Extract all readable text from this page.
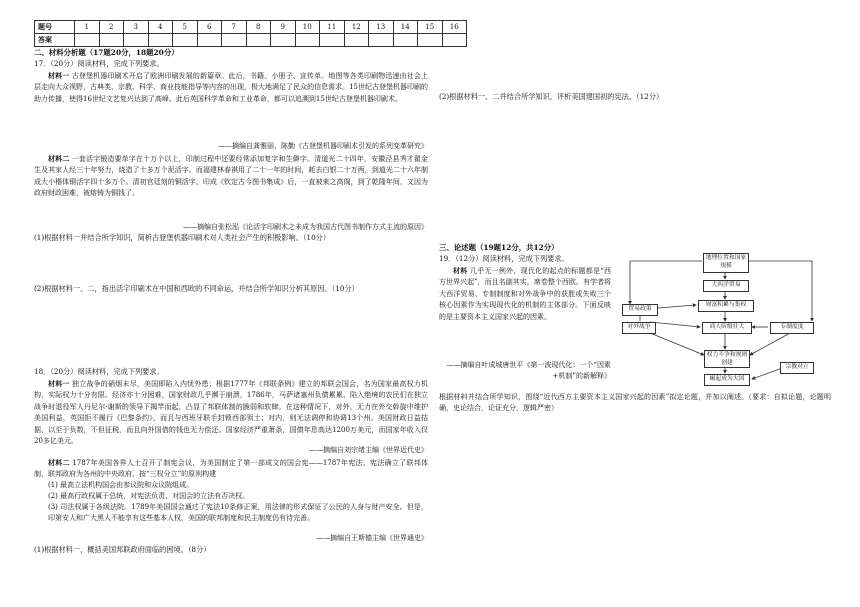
题号	1	2	3	4	5	6	7	8	9	10	11	12	13	14	15	16
答案																
二、材料分析题（17题20分，18题20分）
17．（20分）阅读材料，完成下列要求。
材料一 古登堡机器印刷术开启了欧洲印刷发展的新篇章。此后，书籍、小册子、宣传单、地图等各类印刷物迅速由社会上层走向大众视野，古典类、宗教、科学、商业技能指导等内容的出现，极大地满足了民众的信息需求。15世纪古登堡机器印刷的助力传播，使得16世纪文艺复兴达到了高峰。此后英国科学革命和工业革命，都可以追溯到15世纪古登堡机器印刷术。
——摘编自龚雅丽、陈勤《古登堡机器印刷术引发的系列变革研究》
材料二 一套活字锻造要单字在十万个以上，印制过程中还要经常添加复字和生僻字。清道光二十四年，安徽泾县秀才翟金生及其家人经三十年努力，烧造了十多万个泥活字。而福建林春祺用了二十一年的时间，耗去白银二十万两，到道光二十六年制成大小楷体铜活字四十多万个。清初官廷刻的铜活字，印成《钦定古今图书集成》后，一直被束之高阁，到了乾隆年间，又因为政府财政困难，被熔铸为铜钱了。
——摘编自张松泓《论活字印刷术之未成为我国古代图书制作方式主流的原因》
(1)根据材料一并结合所学知识，简析古登堡机器印刷术对人类社会产生的积极影响。（10分）
(2)根据材料一、二，指出活字印刷术在中国和西欧的不同命运，并结合所学知识分析其原因。（10分）
18．（20分）阅读材料，完成下列要求。
材料一 独立战争的硝烟未尽，美国即陷入内忧外患；根据1777年《邦联条例》建立的邦联会国会，名为国家最高权力机构，实际权力十分有限。经济亦十分困难，国家财政几乎濒于崩溃，1786年，马萨诸塞州负债累累、陷入绝境的农民们在独立战争时退役军人丹尼尔·谢斯的领导下揭竿而起，凸显了邦联体制的脆弱和软肆。在这种情况下，对外，无力在外交斡旋中维护美国利益，英国拒不履行《巴黎条约》，而且与西班牙联手封锁西部领土；对内，则无法调停和协调13个州。美国财政日益拮据，以至于负数，不但征税，而且向外国借的钱也无力偿还。国家经济严重萧条，国债年息高达1200万美元，而国家年收入仅20多亿美元。
——摘编自刘宗绪主编《世界近代史》
材料二 1787年美国各界人士召开了制宪会议，为美国制定了第一部成文的国会宪——1787年宪法。宪法确立了联邦体制，联邦政府为各州的中央政府，按“三权分立”的原则构建
(1) 最高立法机构国会由参议院和众议院组成。
(2) 最高行政权属于总统，对宪法负责，对国会的立法有否决权。
(3) 司法权属于各级法院。1789年美国国会通过了宪法10条修正案，用法律的形式保证了公民的人身与财产安全。但是，印第安人和广大黑人不能享有这些基本人权，美国的联邦制度和民主制度仍有待完善。
——摘编自王斯德主编《世界通史》
(1)根据材料一，概括美国邦联政府面临的困境。（8分）
(2)根据材料一、二并结合所学知识，评析美国建国初的宪法。（12分）
三、论述题（19题12分，共12分）
19．（12分）阅读材料，完成下列要求。
材料 几乎无一例外，现代化的起点的标题都是“西方世界兴起”，而且名副其实，席卷整个西欧。有学者将大西洋贸易、专制制度和对外战争中的获胜或失败三个核心因素作为实现现代化的机制的主体部分。下面反映的是主要资本主义国家兴起的因素。
——摘编自叶成城唐世平《第一波现代化：一个“因素+机制”的新解释》
根据材料并结合所学知识，围绕“近代西方主要资本主义国家兴起的因素”拟定论题，并加以阐述。（要求：自拟论题，论题明确，史论结合，论证充分，逻辑严密）
地理位置和国家规模
大西洋贸易
贸易政策
财富积累与集权
对外战争	商人阶级壮大	专制度度
权力斗争和规则创建
崛起成为大国
宗教对立
